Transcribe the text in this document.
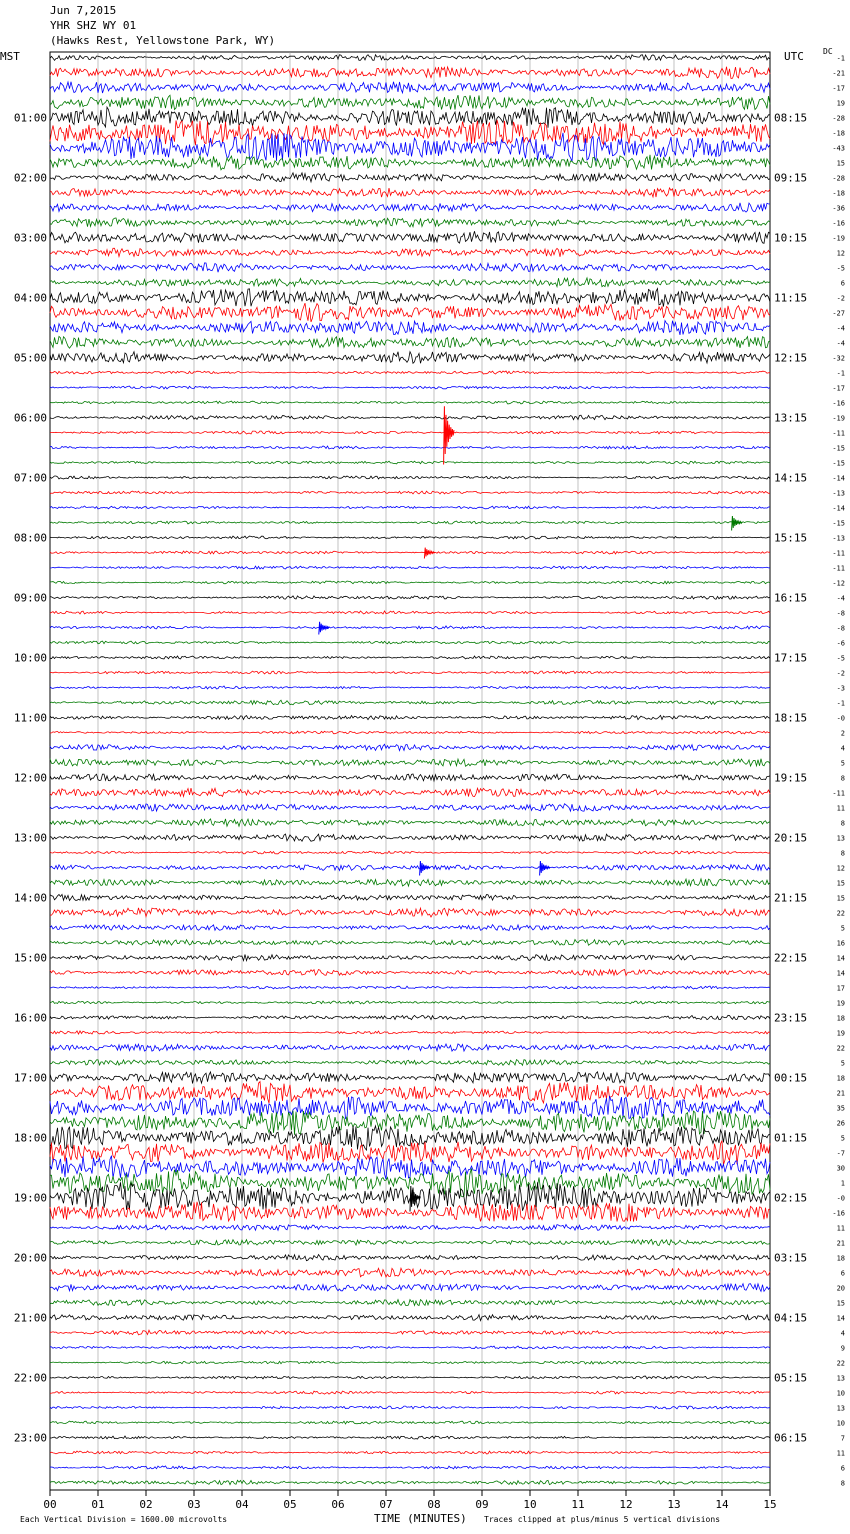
Jun 7,2015
YHR SHZ WY 01
(Hawks Rest, Yellowstone Park, WY)
MST	UTC DC
01:00
02:00
03:00
04:00
05:00
06:00
07:00
08:00
09:00
10:00
11:00
12:00
13:00
14:00
15:00
16:00
17:00
18:00
19:00
20:00
21:00
22:00
23:00
08:15
09:15
10:15
11:15
12:15
13:15
14:15
15:15
16:15
17:15
18:15
19:15
20:15
21:15
22:15
23:15
00:15
01:15
02:15
03:15
04:15
05:15
06:15
-1
-21
-17
19
-28
-18
-43
15
-28
-18
-36
-16
-19
12
-5
6
-2
-27
-4
-4
-32
-1
-17
-16
-19
-11
-15
-15
-14
-13
-14
-15
-13
-11
-11
-12
-4
-8
-8
-6
-5
-2
-3
-1
-0
2
4
5
8
-11
11
8
13
8
12
15
15
22
5
16
14
14
17
19
18
19
22
5
18
21
35
26
5
-7
30
1
-0
-16
11
21
18
6
20
15
14
4
9
22
13
10
13
10
7
11
6
8
00	01	02	03	04	05	06	07	08	09	10	11	12	13	14	15
Each Vertical Division = 1600.00 microvolts	TIME (MINUTES) Traces clipped at plus/minus 5 vertical divisions
